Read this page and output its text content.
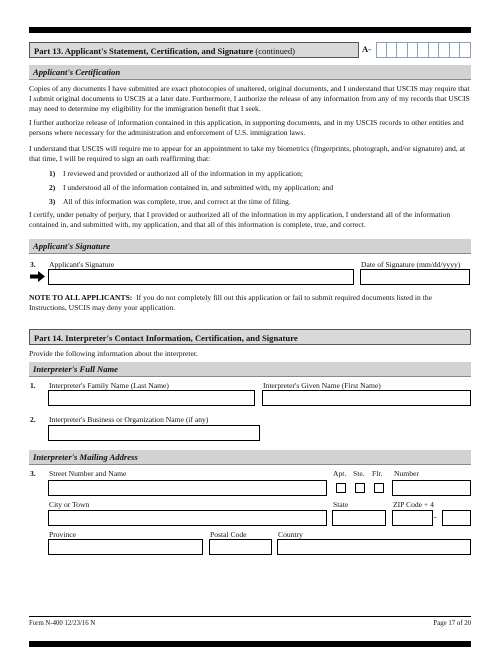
Part 13. Applicant's Statement, Certification, and Signature (continued)	A-
Applicant's Certification
Copies of any documents I have submitted are exact photocopies of unaltered, original documents, and I understand that USCIS may require that I submit original documents to USCIS at a later date. Furthermore, I authorize the release of any information from any of my records that USCIS may need to determine my eligibility for the immigration benefit that I seek.
I further authorize release of information contained in this application, in supporting documents, and in my USCIS records to other entities and persons where necessary for the administration and enforcement of U.S. immigration laws.
I understand that USCIS will require me to appear for an appointment to take my biometrics (fingerprints, photograph, and/or signature) and, at that time, I will be required to sign an oath reaffirming that:
1) I reviewed and provided or authorized all of the information in my application;
2) I understood all of the information contained in, and submitted with, my application; and
3) All of this information was complete, true, and correct at the time of filing.
I certify, under penalty of perjury, that I provided or authorized all of the information in my application, I understand all of the information contained in, and submitted with, my application, and that all of this information is complete, true, and correct.
Applicant's Signature
3. Applicant's Signature	Date of Signature (mm/dd/yyyy)
NOTE TO ALL APPLICANTS: If you do not completely fill out this application or fail to submit required documents listed in the Instructions, USCIS may deny your application.
Part 14. Interpreter's Contact Information, Certification, and Signature
Provide the following information about the interpreter.
Interpreter's Full Name
1. Interpreter's Family Name (Last Name)	Interpreter's Given Name (First Name)
2. Interpreter's Business or Organization Name (if any)
Interpreter's Mailing Address
3. Street Number and Name	Apt. Ste. Flr. Number
City or Town	State	ZIP Code + 4
-
Province	Postal Code	Country
Form N-400 12/23/16 N	Page 17 of 20
